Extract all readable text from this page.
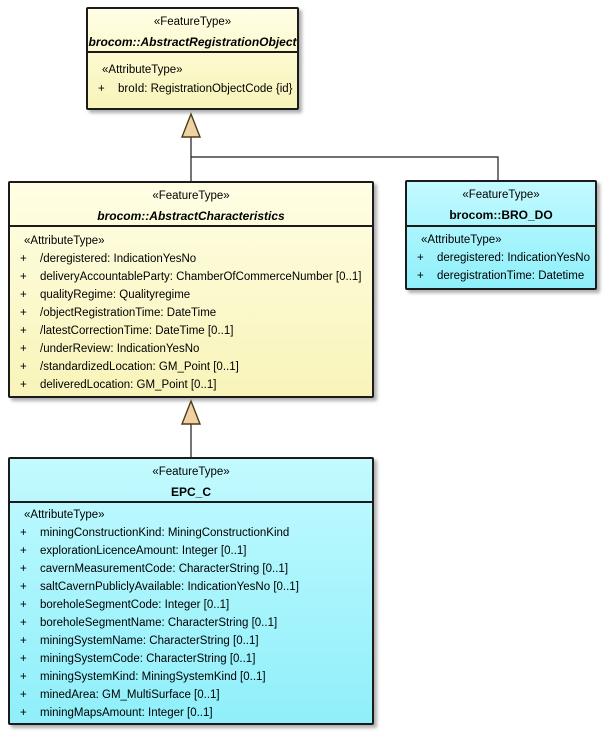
«FeatureType»
brocom::AbstractRegistrationObject
«AttributeType»
+ broId: RegistrationObjectCode {id}
«FeatureType»
brocom::AbstractCharacteristics
«AttributeType»
+ /deregistered: IndicationYesNo
+ deliveryAccountableParty: ChamberOfCommerceNumber [0..1]
+ qualityRegime: Qualityregime
+ /objectRegistrationTime: DateTime
+ /latestCorrectionTime: DateTime [0..1]
+ /underReview: IndicationYesNo
+ /standardizedLocation: GM_Point [0..1]
+ deliveredLocation: GM_Point [0..1]
«FeatureType»
brocom::BRO_DO
«AttributeType»
+ deregistered: IndicationYesNo
+ deregistrationTime: Datetime
«FeatureType»
EPC_C
«AttributeType»
+ miningConstructionKind: MiningConstructionKind
+ explorationLicenceAmount: Integer [0..1]
+ cavernMeasurementCode: CharacterString [0..1]
+ saltCavernPubliclyAvailable: IndicationYesNo [0..1]
+ boreholeSegmentCode: Integer [0..1]
+ boreholeSegmentName: CharacterString [0..1]
+ miningSystemName: CharacterString [0..1]
+ miningSystemCode: CharacterString [0..1]
+ miningSystemKind: MiningSystemKind [0..1]
+ minedArea: GM_MultiSurface [0..1]
+ miningMapsAmount: Integer [0..1]
